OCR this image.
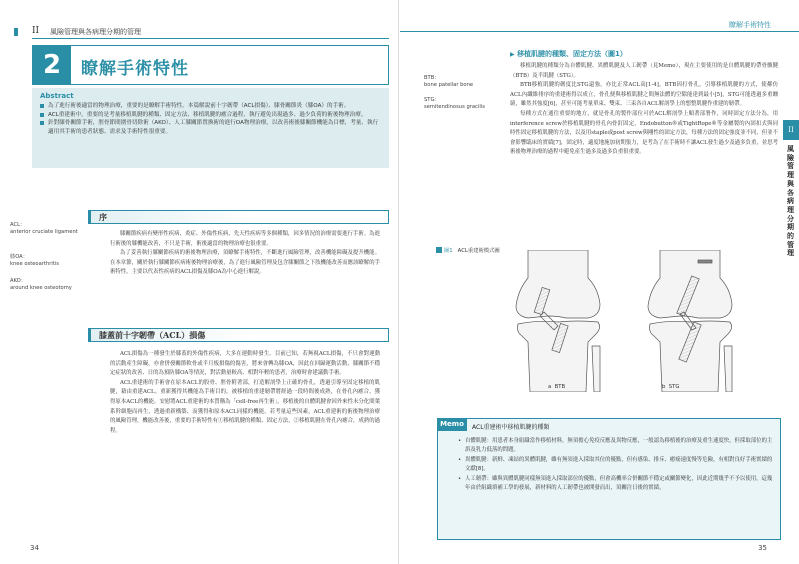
II	風險管理與各病理分期的管理
2	瞭解手術特性
Abstract
為了進行術後適當的物理治療，重要的是瞭解手術特性。本篇解說前十字韌帶（ACL損傷）、膝骨關節炎（膝OA）的手術。
ACL重建術中，重要的是考量移植肌腱的種類、固定方法、移植肌腱的癒合過程，執行避免出現過多、過少負荷的術後物理治療。
針對膝骨關節手術，脛骨節間圍骨切除術（AKO）、人工膝關節置換術的進行OA物理治療，以改善術後膝關節機能為目標，考量、執行適用其手術的患者狀態、需求及手術特性很重要。
ACL：
anterior cruciate ligament
膝OA：
knee osteoarthritis
AKO：
around knee osteotomy
序

膝關節疾病有變形性疾病、炎症、外傷性疾病、先天性疾病等多個種類，因多情況的治療需要進行手術。為進行術後的膝機能改善，不只是手術，術後適當的物理治療也很重要。

為了妥善執行膝關節疾病的術後物理治療，須瞭解手術特性，不斷進行風險管理，改善機能障礙及提升機能。在本章節，關於執行膝關節疾病術後物理治療後，為了進行風險管理及包含膝關節之下肢機能改善而應該瞭解的手術特性，主要以代表性疾病的ACL損傷及膝OA為中心進行解說。

膝蓋前十字韌帶（ACL）損傷

ACL損傷為一種發生於膝蓋的外傷性疾病，大多在運動時發生。目前已知，若無視ACL損傷，不只會對運動的活動產生障礙，亦會併發關節軟骨或半月板損傷的傷害，將來會轉為膝OA，因此在回歸運動活動、膝關節不穩定症狀的改善、日的為預防膝OA等情況，對活動量較高、相對年輕的患者，治療時會建議動手術。

ACL重建術的手術會在原本ACL的股骨、脛骨附著部，打造解剖學上正確的骨孔，透過引導至固定移植的肌腱，藉由重建ACL。重新獲得其機能為手術目的。被移植的重建韌帶將經過一段時間後成熟，在骨孔內癒合，獲得原本ACL的機能。安慰將ACL重建術的本質稱為「cell-free再生術」，移植後的自體肌腱會因外來性未分化間葉系幹細胞而再生，透過重新構築、而獲得和原本ACL同樣的機能。若考量這些因素，ACL重建術的術後物理治療的風險管理，機能改善後，重要的手術特性有①移植肌腱的種類、固定方法，②移植肌腱在骨孔內癒合，成熟的過程。

34
瞭解手術特性
II
風險管理與各病理分期的管理
▶ 移植肌腱的種類、固定方法（圖1）
BTB：
bone patellar bone
STG：
semitendinosus gracilis

移植肌腱的種類分為自體肌腱、異體肌腱及人工韌帶（見Memo），現在主要使用的是自體肌腱的帶骨髕腱（BTB）及半肌腱（STG）。

BTB移植肌腱的韌度比STG還強，亦比正常ACL高[1-4]，BTB因打骨孔，引導移植肌腱的方式，使鄰仿ACL內纖維排序的重建術得以成立，骨孔便與移植肌腱之間無法體的空隙能達到最小[5]，STG可能透過多重纏繞，雖然其強度[6]，甚至可能考量單束、雙束、三束各自ACL解剖學上的想整肌腱作重建的韌帶。

每種方式在通往重要的地方，就是骨孔的製作部位可於ACL解剖學上順著部署作，同時固定方法分為，用interference screw於移植肌腱的骨孔內骨釘固定，Endobutton®或TightRope®等金屬製的內固扣式與同時性固定移植肌腱的方法，以及用staple或post screw與剛性的固定方法，每種方法的固定強度並不同，但並不會影響臨床的實績[7]，固定時，適度地施加初期張力，是考為了在手術時不讓ACL發生過少及過多負重，並思考術後物理治療的過程中避免產生過多及過多負重很重要。

圖1 ACL重建術模式圖
a BTB	b STG
Memo	ACL重建術中移植肌腱的種類
• 自體肌腱：用患者本身組織當作移植材料，無須擔心免疫反應及異物反應，一般認為移植後的治療及重生速度快，但採取部位的主訴及乳力低落的問題。
• 異體肌腱：新鮮、凍結的異體肌腱，雖有無須進入採取其位的優點，但有感染、排斥、癒癌速度慢等危險，有相對良好手術實績的文獻[8]。
• 人工韌帶：雖與異體肌腱同樣無須進入採取部位的優點，但會高機率合併關節不穩定或關節變化，因此近期幾乎不予以使用，這幾年由於組織填補工學的發展，新材料的人工韌帶也被開發而出，須關注日後的實績。
35
